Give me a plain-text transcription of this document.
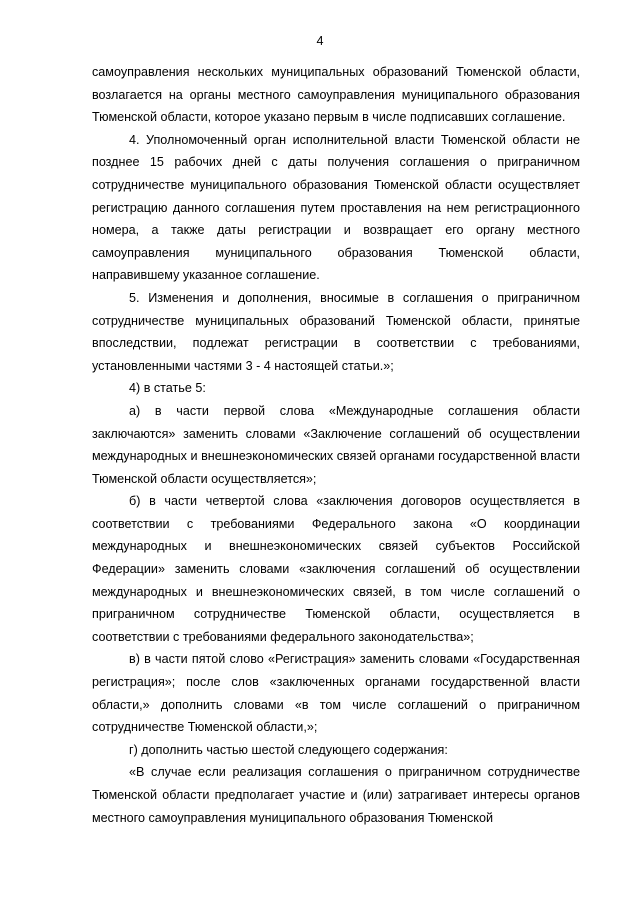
4

самоуправления нескольких муниципальных образований Тюменской области, возлагается на органы местного самоуправления муниципального образования Тюменской области, которое указано первым в числе подписавших соглашение.

4. Уполномоченный орган исполнительной власти Тюменской области не позднее 15 рабочих дней с даты получения соглашения о приграничном сотрудничестве муниципального образования Тюменской области осуществляет регистрацию данного соглашения путем проставления на нем регистрационного номера, а также даты регистрации и возвращает его органу местного самоуправления муниципального образования Тюменской области, направившему указанное соглашение.

5. Изменения и дополнения, вносимые в соглашения о приграничном сотрудничестве муниципальных образований Тюменской области, принятые впоследствии, подлежат регистрации в соответствии с требованиями, установленными частями 3 - 4 настоящей статьи.»;

4) в статье 5:

а) в части первой слова «Международные соглашения области заключаются» заменить словами «Заключение соглашений об осуществлении международных и внешнеэкономических связей органами государственной власти Тюменской области осуществляется»;

б) в части четвертой слова «заключения договоров осуществляется в соответствии с требованиями Федерального закона «О координации международных и внешнеэкономических связей субъектов Российской Федерации» заменить словами «заключения соглашений об осуществлении международных и внешнеэкономических связей, в том числе соглашений о приграничном сотрудничестве Тюменской области, осуществляется в соответствии с требованиями федерального законодательства»;

в) в части пятой слово «Регистрация» заменить словами «Государственная регистрация»; после слов «заключенных органами государственной власти области,» дополнить словами «в том числе соглашений о приграничном сотрудничестве Тюменской области,»;

г) дополнить частью шестой следующего содержания:

«В случае если реализация соглашения о приграничном сотрудничестве Тюменской области предполагает участие и (или) затрагивает интересы органов местного самоуправления муниципального образования Тюменской
